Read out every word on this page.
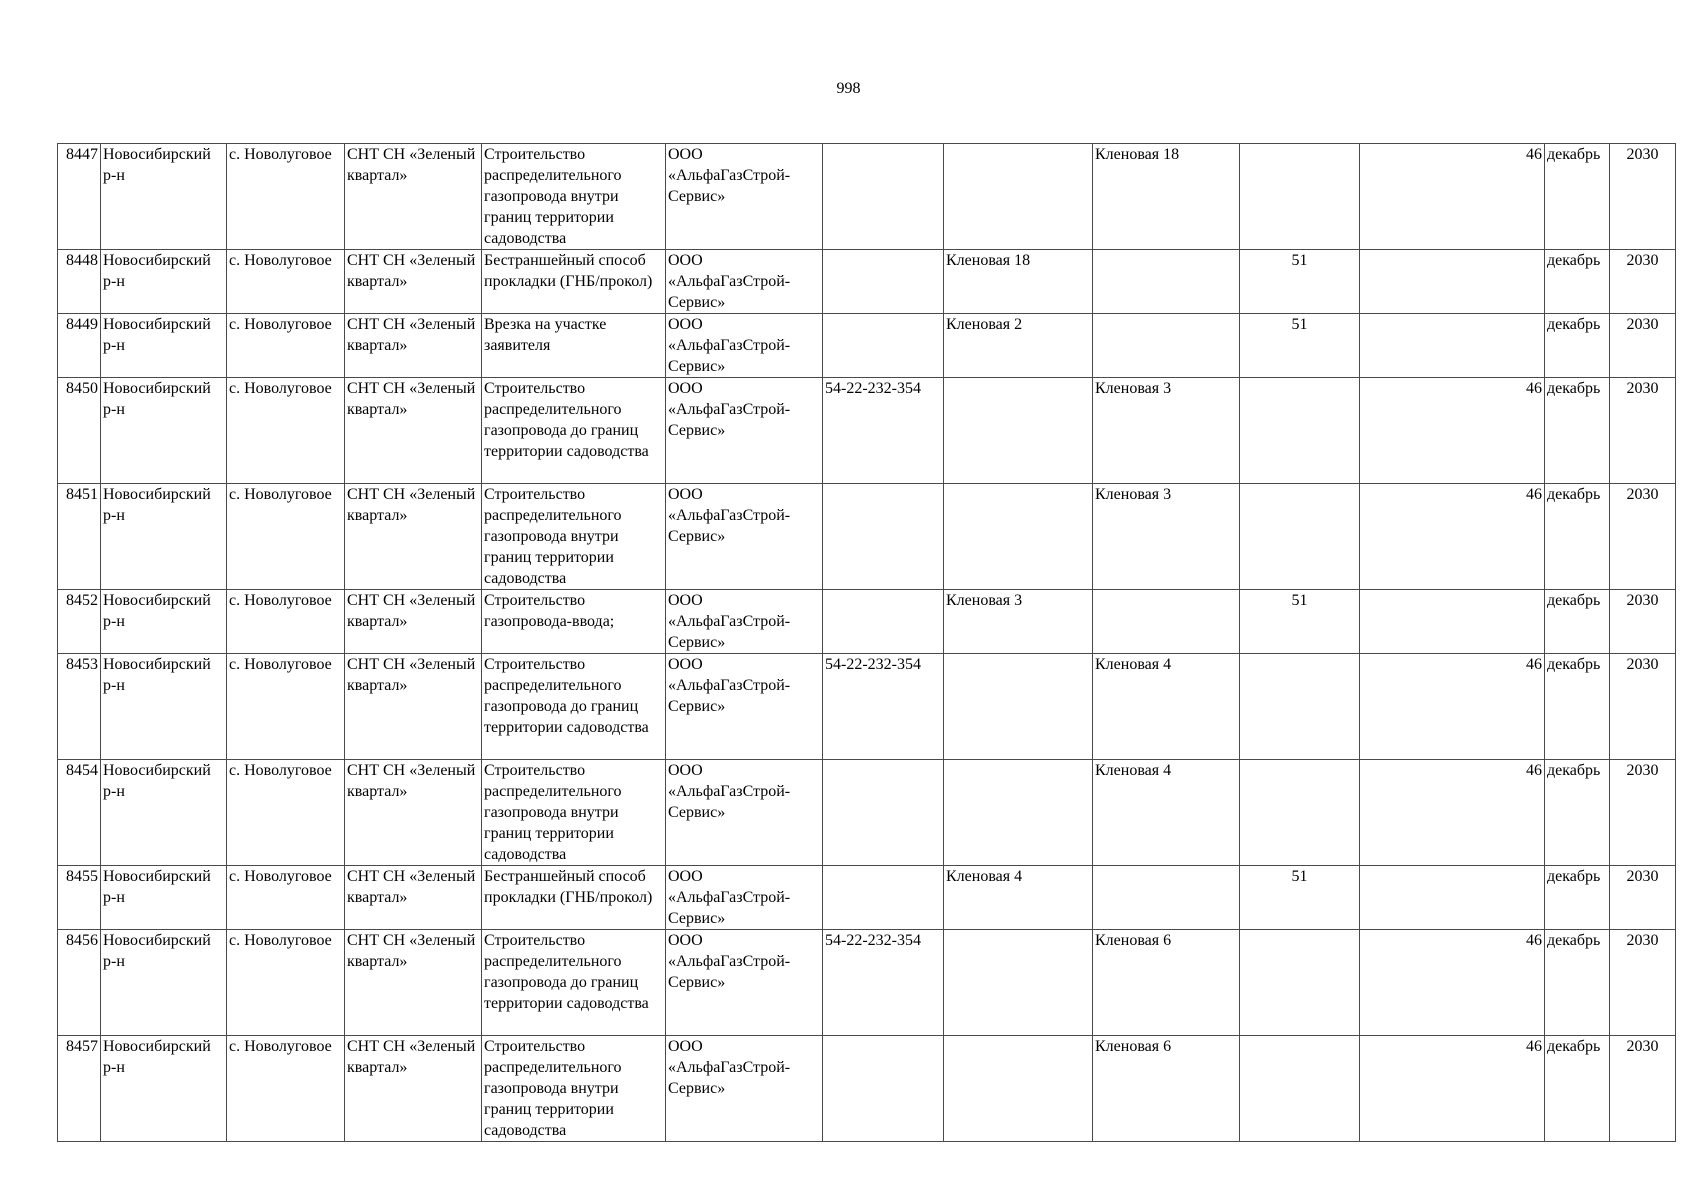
998
8447	Новосибирский р-н	с. Новолуговое	СНТ СН «Зеленый квартал»	Строительство распределительного газопровода внутри границ территории садоводства	ООО «АльфаГазСтрой-Сервис»			Кленовая 18		46	декабрь	2030
8448	Новосибирский р-н	с. Новолуговое	СНТ СН «Зеленый квартал»	Бестраншейный способ прокладки (ГНБ/прокол)	ООО «АльфаГазСтрой-Сервис»		Кленовая 18		51		декабрь	2030
8449	Новосибирский р-н	с. Новолуговое	СНТ СН «Зеленый квартал»	Врезка на участке заявителя	ООО «АльфаГазСтрой-Сервис»		Кленовая 2		51		декабрь	2030
8450	Новосибирский р-н	с. Новолуговое	СНТ СН «Зеленый квартал»	Строительство распределительного газопровода до границ территории садоводства	ООО «АльфаГазСтрой-Сервис»	54-22-232-354		Кленовая 3		46	декабрь	2030
8451	Новосибирский р-н	с. Новолуговое	СНТ СН «Зеленый квартал»	Строительство распределительного газопровода внутри границ территории садоводства	ООО «АльфаГазСтрой-Сервис»			Кленовая 3		46	декабрь	2030
8452	Новосибирский р-н	с. Новолуговое	СНТ СН «Зеленый квартал»	Строительство газопровода-ввода;	ООО «АльфаГазСтрой-Сервис»		Кленовая 3		51		декабрь	2030
8453	Новосибирский р-н	с. Новолуговое	СНТ СН «Зеленый квартал»	Строительство распределительного газопровода до границ территории садоводства	ООО «АльфаГазСтрой-Сервис»	54-22-232-354		Кленовая 4		46	декабрь	2030
8454	Новосибирский р-н	с. Новолуговое	СНТ СН «Зеленый квартал»	Строительство распределительного газопровода внутри границ территории садоводства	ООО «АльфаГазСтрой-Сервис»			Кленовая 4		46	декабрь	2030
8455	Новосибирский р-н	с. Новолуговое	СНТ СН «Зеленый квартал»	Бестраншейный способ прокладки (ГНБ/прокол)	ООО «АльфаГазСтрой-Сервис»		Кленовая 4		51		декабрь	2030
8456	Новосибирский р-н	с. Новолуговое	СНТ СН «Зеленый квартал»	Строительство распределительного газопровода до границ территории садоводства	ООО «АльфаГазСтрой-Сервис»	54-22-232-354		Кленовая 6		46	декабрь	2030
8457	Новосибирский р-н	с. Новолуговое	СНТ СН «Зеленый квартал»	Строительство распределительного газопровода внутри границ территории садоводства	ООО «АльфаГазСтрой-Сервис»			Кленовая 6		46	декабрь	2030
